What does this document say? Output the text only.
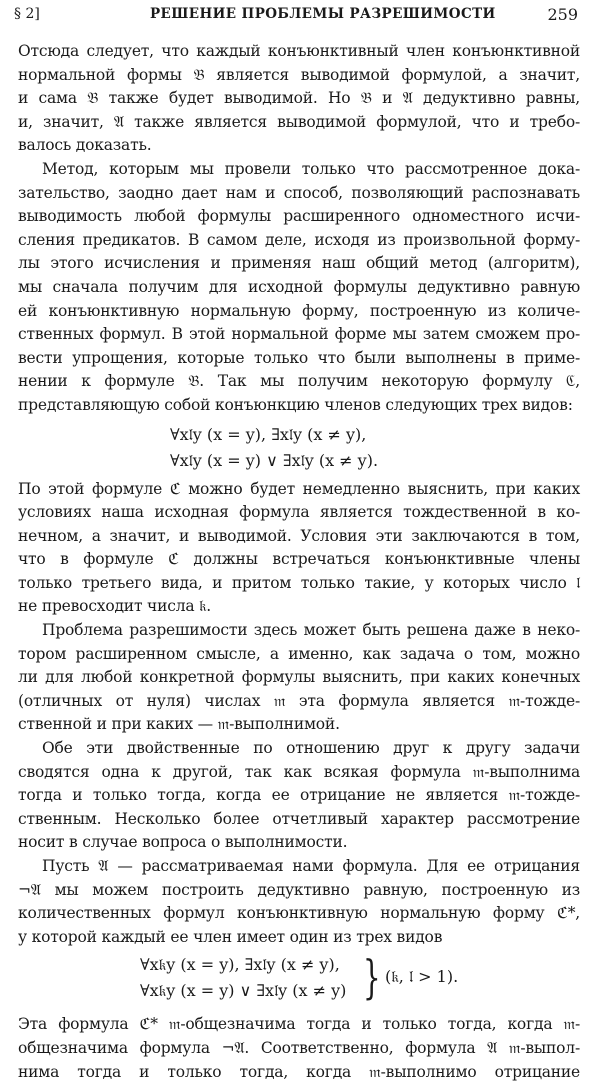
§ 2]	РЕШЕНИЕ ПРОБЛЕМЫ РАЗРЕШИМОСТИ	259
Отсюда следует, что каждый конъюнктивный член конъюнктивной
нормальной формы 𝔅 является выводимой формулой, а значит,
и сама 𝔅 также будет выводимой. Но 𝔅 и 𝔄 дедуктивно равны,
и, значит, 𝔄 также является выводимой формулой, что и требо-
валось доказать.
Метод, которым мы провели только что рассмотренное дока-
зательство, заодно дает нам и способ, позволяющий распознавать
выводимость любой формулы расширенного одноместного исчи-
сления предикатов. В самом деле, исходя из произвольной форму-
лы этого исчисления и применяя наш общий метод (алгоритм),
мы сначала получим для исходной формулы дедуктивно равную
ей конъюнктивную нормальную форму, построенную из количе-
ственных формул. В этой нормальной форме мы затем сможем про-
вести упрощения, которые только что были выполнены в приме-
нении к формуле 𝔅. Так мы получим некоторую формулу ℭ,
представляющую собой конъюнкцию членов следующих трех видов:
∀x𝔩y (x = y), ∃x𝔩y (x ≠ y),
∀x𝔩y (x = y) ∨ ∃x𝔩y (x ≠ y).
По этой формуле ℭ можно будет немедленно выяснить, при каких
условиях наша исходная формула является тождественной в ко-
нечном, а значит, и выводимой. Условия эти заключаются в том,
что в формуле ℭ должны встречаться конъюнктивные члены
только третьего вида, и притом только такие, у которых число 𝔩
не превосходит числа 𝔨.
Проблема разрешимости здесь может быть решена даже в неко-
тором расширенном смысле, а именно, как задача о том, можно
ли для любой конкретной формулы выяснить, при каких конечных
(отличных от нуля) числах 𝔪 эта формула является 𝔪-тожде-
ственной и при каких — 𝔪-выполнимой.
Обе эти двойственные по отношению друг к другу задачи
сводятся одна к другой, так как всякая формула 𝔪-выполнима
тогда и только тогда, когда ее отрицание не является 𝔪-тожде-
ственным. Несколько более отчетливый характер рассмотрение
носит в случае вопроса о выполнимости.
Пусть 𝔄 — рассматриваемая нами формула. Для ее отрицания
¬𝔄 мы можем построить дедуктивно равную, построенную из
количественных формул конъюнктивную нормальную форму ℭ*,
у которой каждый ее член имеет один из трех видов
∀x𝔨y (x = y), ∃x𝔩y (x ≠ y),
∀x𝔨y (x = y) ∨ ∃x𝔩y (x ≠ y) } (𝔨, 𝔩 > 1).
Эта формула ℭ* 𝔪-общезначима тогда и только тогда, когда 𝔪-
общезначима формула ¬𝔄. Соответственно, формула 𝔄 𝔪-выпол-
нима тогда и только тогда, когда 𝔪-выполнимо отрицание
